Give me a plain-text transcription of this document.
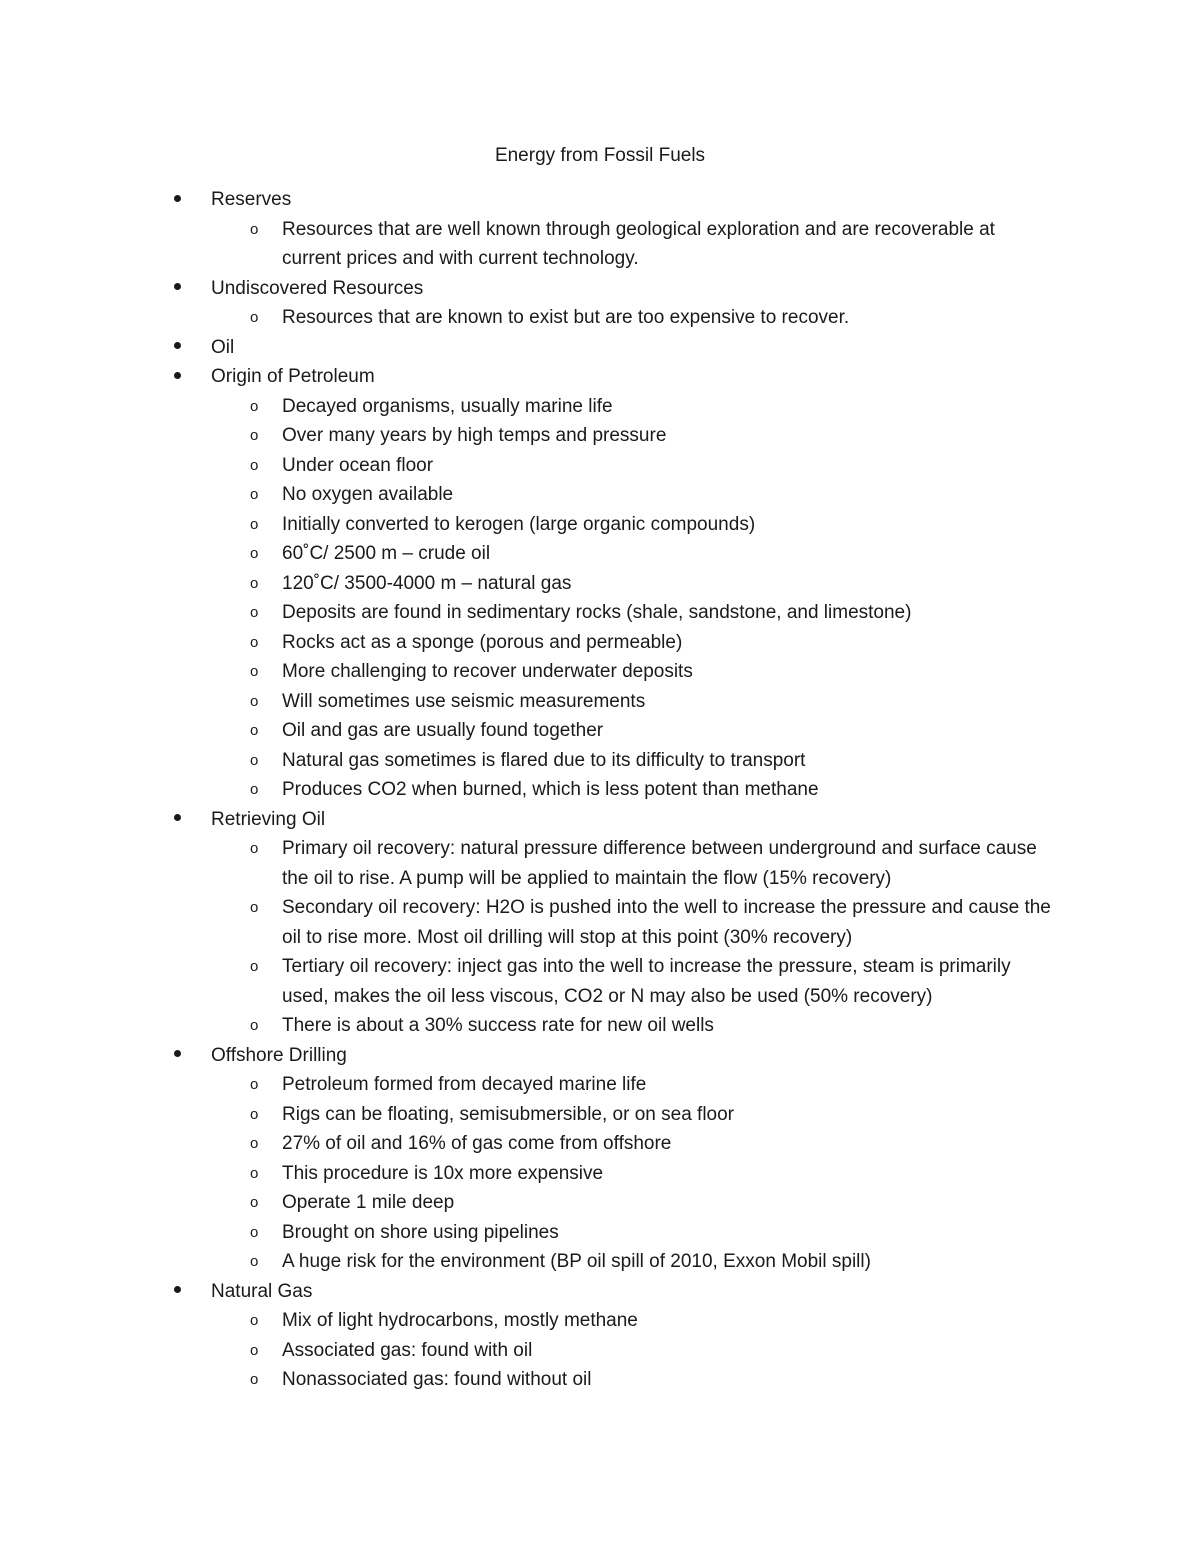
Energy from Fossil Fuels
Reserves
o Resources that are well known through geological exploration and are recoverable at current prices and with current technology.
Undiscovered Resources
o Resources that are known to exist but are too expensive to recover.
Oil
Origin of Petroleum
o Decayed organisms, usually marine life
o Over many years by high temps and pressure
o Under ocean floor
o No oxygen available
o Initially converted to kerogen (large organic compounds)
o 60˚C/ 2500 m – crude oil
o 120˚C/ 3500-4000 m – natural gas
o Deposits are found in sedimentary rocks (shale, sandstone, and limestone)
o Rocks act as a sponge (porous and permeable)
o More challenging to recover underwater deposits
o Will sometimes use seismic measurements
o Oil and gas are usually found together
o Natural gas sometimes is flared due to its difficulty to transport
o Produces CO2 when burned, which is less potent than methane
Retrieving Oil
o Primary oil recovery: natural pressure difference between underground and surface cause the oil to rise. A pump will be applied to maintain the flow (15% recovery)
o Secondary oil recovery: H2O is pushed into the well to increase the pressure and cause the oil to rise more. Most oil drilling will stop at this point (30% recovery)
o Tertiary oil recovery: inject gas into the well to increase the pressure, steam is primarily used, makes the oil less viscous, CO2 or N may also be used (50% recovery)
o There is about a 30% success rate for new oil wells
Offshore Drilling
o Petroleum formed from decayed marine life
o Rigs can be floating, semisubmersible, or on sea floor
o 27% of oil and 16% of gas come from offshore
o This procedure is 10x more expensive
o Operate 1 mile deep
o Brought on shore using pipelines
o A huge risk for the environment (BP oil spill of 2010, Exxon Mobil spill)
Natural Gas
o Mix of light hydrocarbons, mostly methane
o Associated gas: found with oil
o Nonassociated gas: found without oil
